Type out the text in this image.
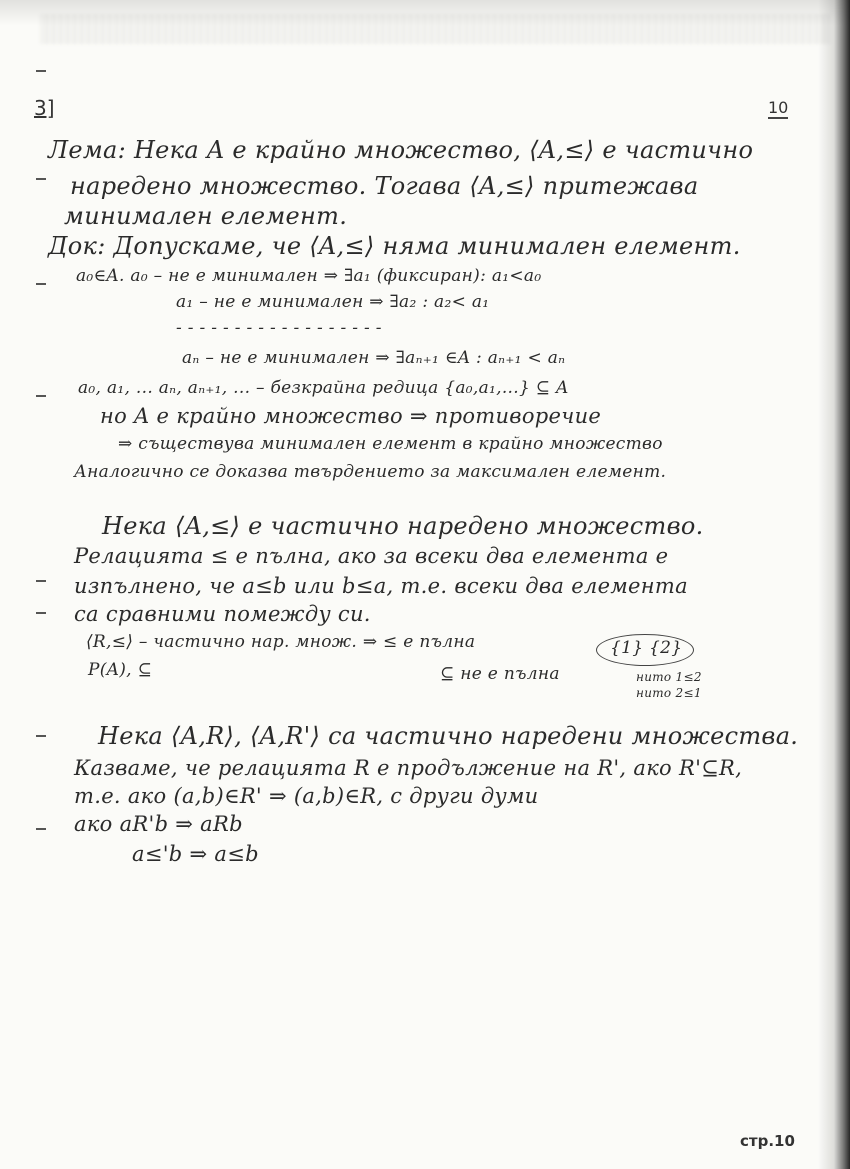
3]	10
Лема: Нека A е крайно множество, ⟨A,≤⟩ е частично
наредено множество. Тогава ⟨A,≤⟩ притежава
минимален елемент.
Док: Допускаме, че ⟨A,≤⟩ няма минимален елемент.
a₀∈A. a₀ – не е минимален ⇒ ∃a₁ (фиксиран): a₁<a₀
a₁ – не е минимален ⇒ ∃a₂ : a₂< a₁
- - - - - - - - - - - - - - - - - -
aₙ – не е минимален ⇒ ∃aₙ₊₁ ∈A : aₙ₊₁ < aₙ
a₀, a₁, ... aₙ, aₙ₊₁, ... – безкрайна редица {a₀,a₁,...} ⊆ A
но A е крайно множество ⇒ противоречие
⇒ съществува минимален елемент в крайно множество
Аналогично се доказва твърдението за максимален елемент.
Нека ⟨A,≤⟩ е частично наредено множество.
Релацията ≤ е пълна, ако за всеки два елемента е
изпълнено, че a≤b или b≤a, т.е. всеки два елемента
са сравними помежду си.
⟨R,≤⟩ – частично нар. множ. ⇒ ≤ е пълна
P(A), ⊆	⊆ не е пълна
{1} {2}
нито 1≤2
нито 2≤1
Нека ⟨A,R⟩, ⟨A,R'⟩ са частично наредени множества.
Казваме, че релацията R е продължение на R', ако R'⊆R,
т.е. ако (a,b)∈R' ⇒ (a,b)∈R, с други думи
ако aR'b ⇒ aRb
a≤'b ⇒ a≤b
стр.10
